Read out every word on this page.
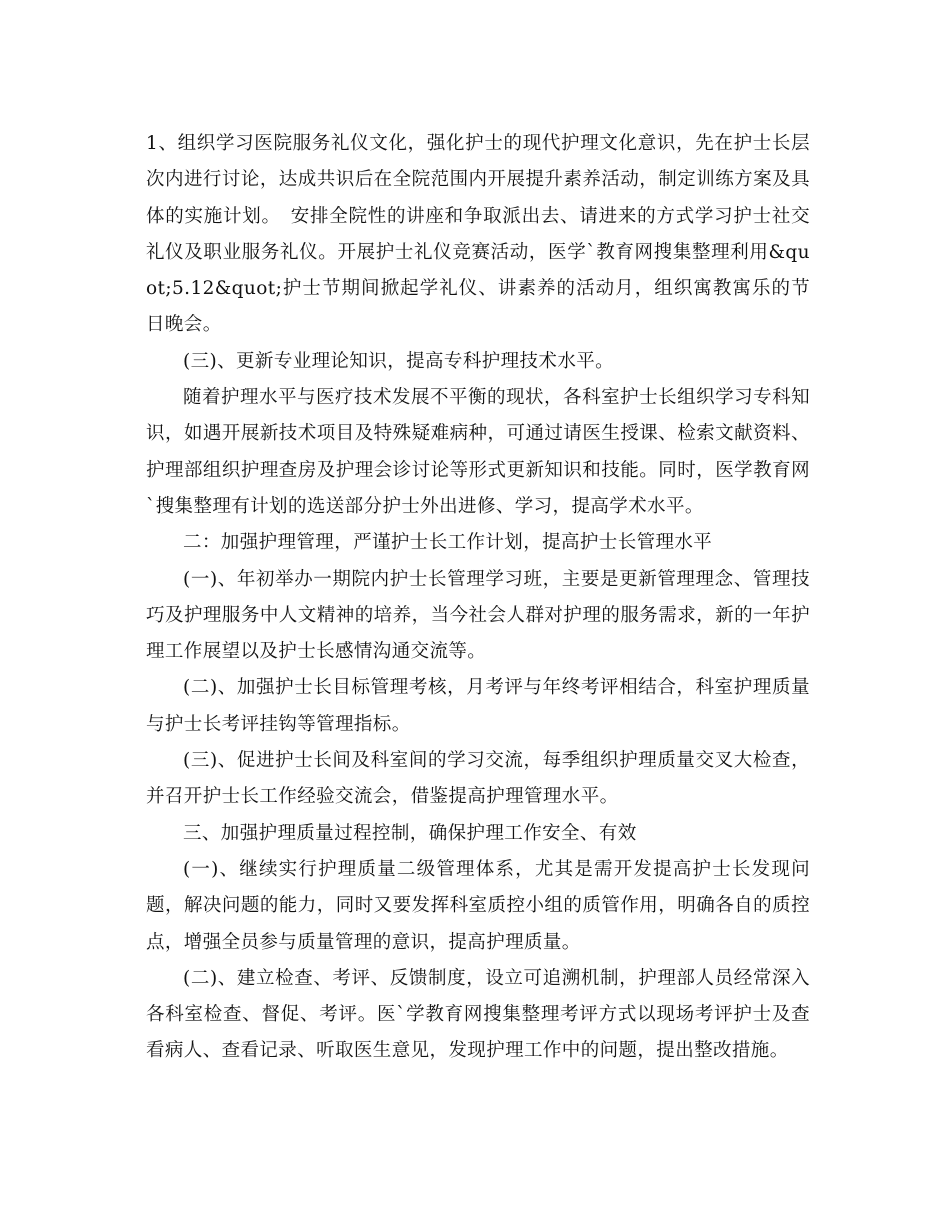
1、组织学习医院服务礼仪文化，强化护士的现代护理文化意识，先在护士长层次内进行讨论，达成共识后在全院范围内开展提升素养活动，制定训练方案及具体的实施计划。　安排全院性的讲座和争取派出去、请进来的方式学习护士社交礼仪及职业服务礼仪。开展护士礼仪竞赛活动，医学`教育网搜集整理利用&quot;5.12&quot;护士节期间掀起学礼仪、讲素养的活动月，组织寓教寓乐的节日晚会。

(三)、更新专业理论知识，提高专科护理技术水平。

随着护理水平与医疗技术发展不平衡的现状，各科室护士长组织学习专科知识，如遇开展新技术项目及特殊疑难病种，可通过请医生授课、检索文献资料、护理部组织护理查房及护理会诊讨论等形式更新知识和技能。同时，医学教育网`搜集整理有计划的选送部分护士外出进修、学习，提高学术水平。

二：加强护理管理，严谨护士长工作计划，提高护士长管理水平

(一)、年初举办一期院内护士长管理学习班，主要是更新管理理念、管理技巧及护理服务中人文精神的培养，当今社会人群对护理的服务需求，新的一年护理工作展望以及护士长感情沟通交流等。

(二)、加强护士长目标管理考核，月考评与年终考评相结合，科室护理质量与护士长考评挂钩等管理指标。

(三)、促进护士长间及科室间的学习交流，每季组织护理质量交叉大检查，并召开护士长工作经验交流会，借鉴提高护理管理水平。

三、加强护理质量过程控制，确保护理工作安全、有效

(一)、继续实行护理质量二级管理体系，尤其是需开发提高护士长发现问题，解决问题的能力，同时又要发挥科室质控小组的质管作用，明确各自的质控点，增强全员参与质量管理的意识，提高护理质量。

(二)、建立检查、考评、反馈制度，设立可追溯机制，护理部人员经常深入各科室检查、督促、考评。医`学教育网搜集整理考评方式以现场考评护士及查看病人、查看记录、听取医生意见，发现护理工作中的问题，提出整改措施。
